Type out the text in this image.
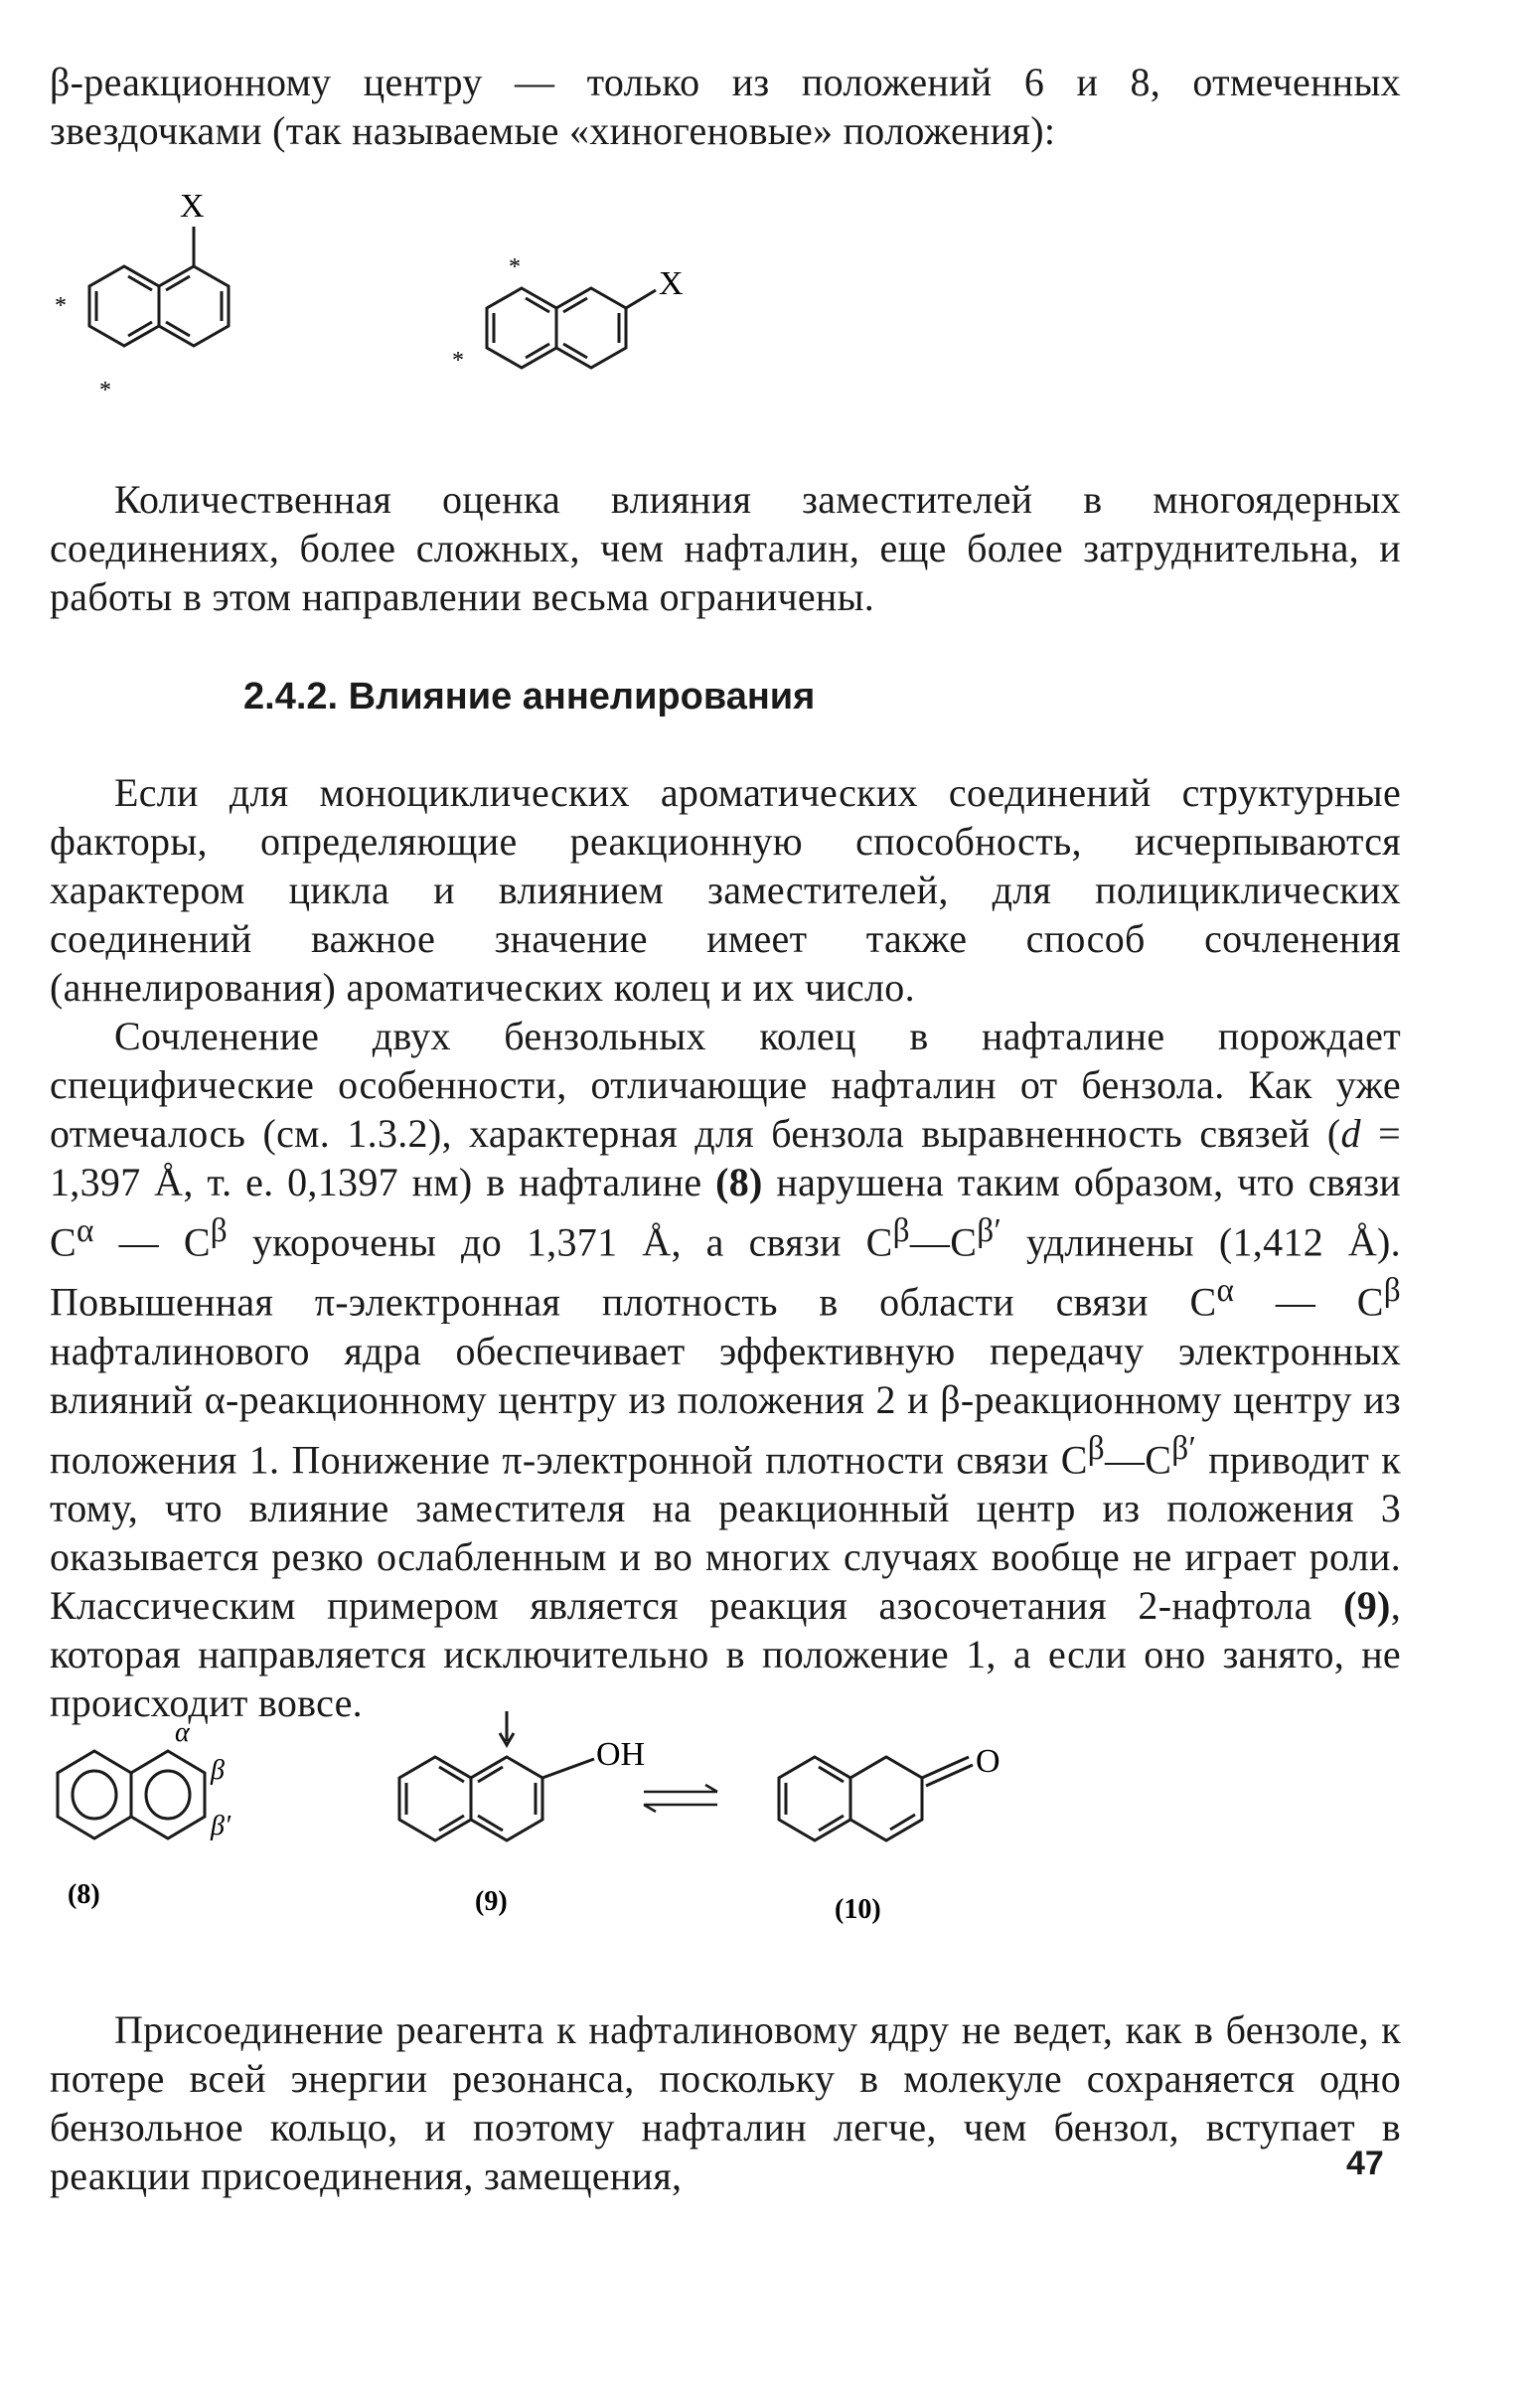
β-реакционному центру — только из положений 6 и 8, отмеченных звездочками (так называемые «хиногеновые» положения):

X
*
*
X
*
*

Количественная оценка влияния заместителей в многоядерных соединениях, более сложных, чем нафталин, еще более затруднительна, и работы в этом направлении весьма ограничены.

2.4.2. Влияние аннелирования

Если для моноциклических ароматических соединений структурные факторы, определяющие реакционную способность, исчерпываются характером цикла и влиянием заместителей, для полициклических соединений важное значение имеет также способ сочленения (аннелирования) ароматических колец и их число.

Сочленение двух бензольных колец в нафталине порождает специфические особенности, отличающие нафталин от бензола. Как уже отмечалось (см. 1.3.2), характерная для бензола выравненность связей (d = 1,397 Å, т. е. 0,1397 нм) в нафталине (8) нарушена таким образом, что связи $C^\alpha$ — $C^\beta$ укорочены до 1,371 Å, а связи $C^\beta—C^{\beta'}$ удлинены (1,412 Å). Повышенная π-электронная плотность в области связи $C^\alpha$ — $C^\beta$ нафталинового ядра обеспечивает эффективную передачу электронных влияний α-реакционному центру из положения 2 и β-реакционному центру из положения 1. Понижение π-электронной плотности связи $C^\beta—C^{\beta'}$ приводит к тому, что влияние заместителя на реакционный центр из положения 3 оказывается резко ослабленным и во многих случаях вообще не играет роли. Классическим примером является реакция азосочетания 2-нафтола (9), которая направляется исключительно в положение 1, а если оно занято, не происходит вовсе.

α
β
β′
(8)
OH
(9)
O
(10)

Присоединение реагента к нафталиновому ядру не ведет, как в бензоле, к потере всей энергии резонанса, поскольку в молекуле сохраняется одно бензольное кольцо, и поэтому нафталин легче, чем бензол, вступает в реакции присоединения, замещения,	47
